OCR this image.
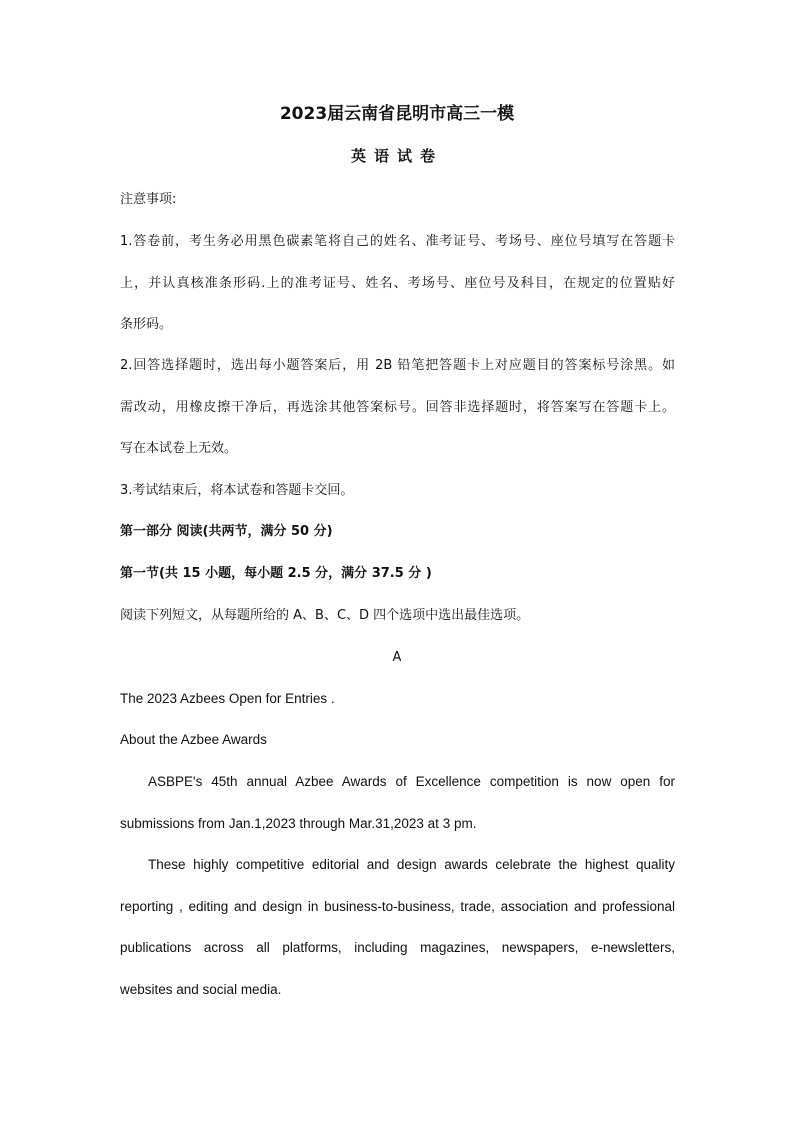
2023届云南省昆明市高三一模
英语试卷
注意事项:
1.答卷前，考生务必用黑色碳素笔将自己的姓名、准考证号、考场号、座位号填写在答题卡
上，并认真核准条形码.上的准考证号、姓名、考场号、座位号及科目，在规定的位置贴好
条形码。
2.回答选择题时，选出每小题答案后，用 2B 铅笔把答题卡上对应题目的答案标号涂黑。如
需改动，用橡皮擦干净后，再选涂其他答案标号。回答非选择题时，将答案写在答题卡上。
写在本试卷上无效。
3.考试结束后，将本试卷和答题卡交回。
第一部分 阅读(共两节，满分 50 分)
第一节(共 15 小题，每小题 2.5 分，满分 37.5 分 )
阅读下列短文，从每题所给的 A、B、C、D 四个选项中选出最佳选项。
A
The 2023 Azbees Open for Entries .
About the Azbee Awards
ASBPE's 45th annual Azbee Awards of Excellence competition is now open for
submissions from Jan.1,2023 through Mar.31,2023 at 3 pm.
These highly competitive editorial and design awards celebrate the highest quality
reporting , editing and design in business-to-business, trade, association and professional
publications across all platforms, including magazines, newspapers, e-newsletters,
websites and social media.
